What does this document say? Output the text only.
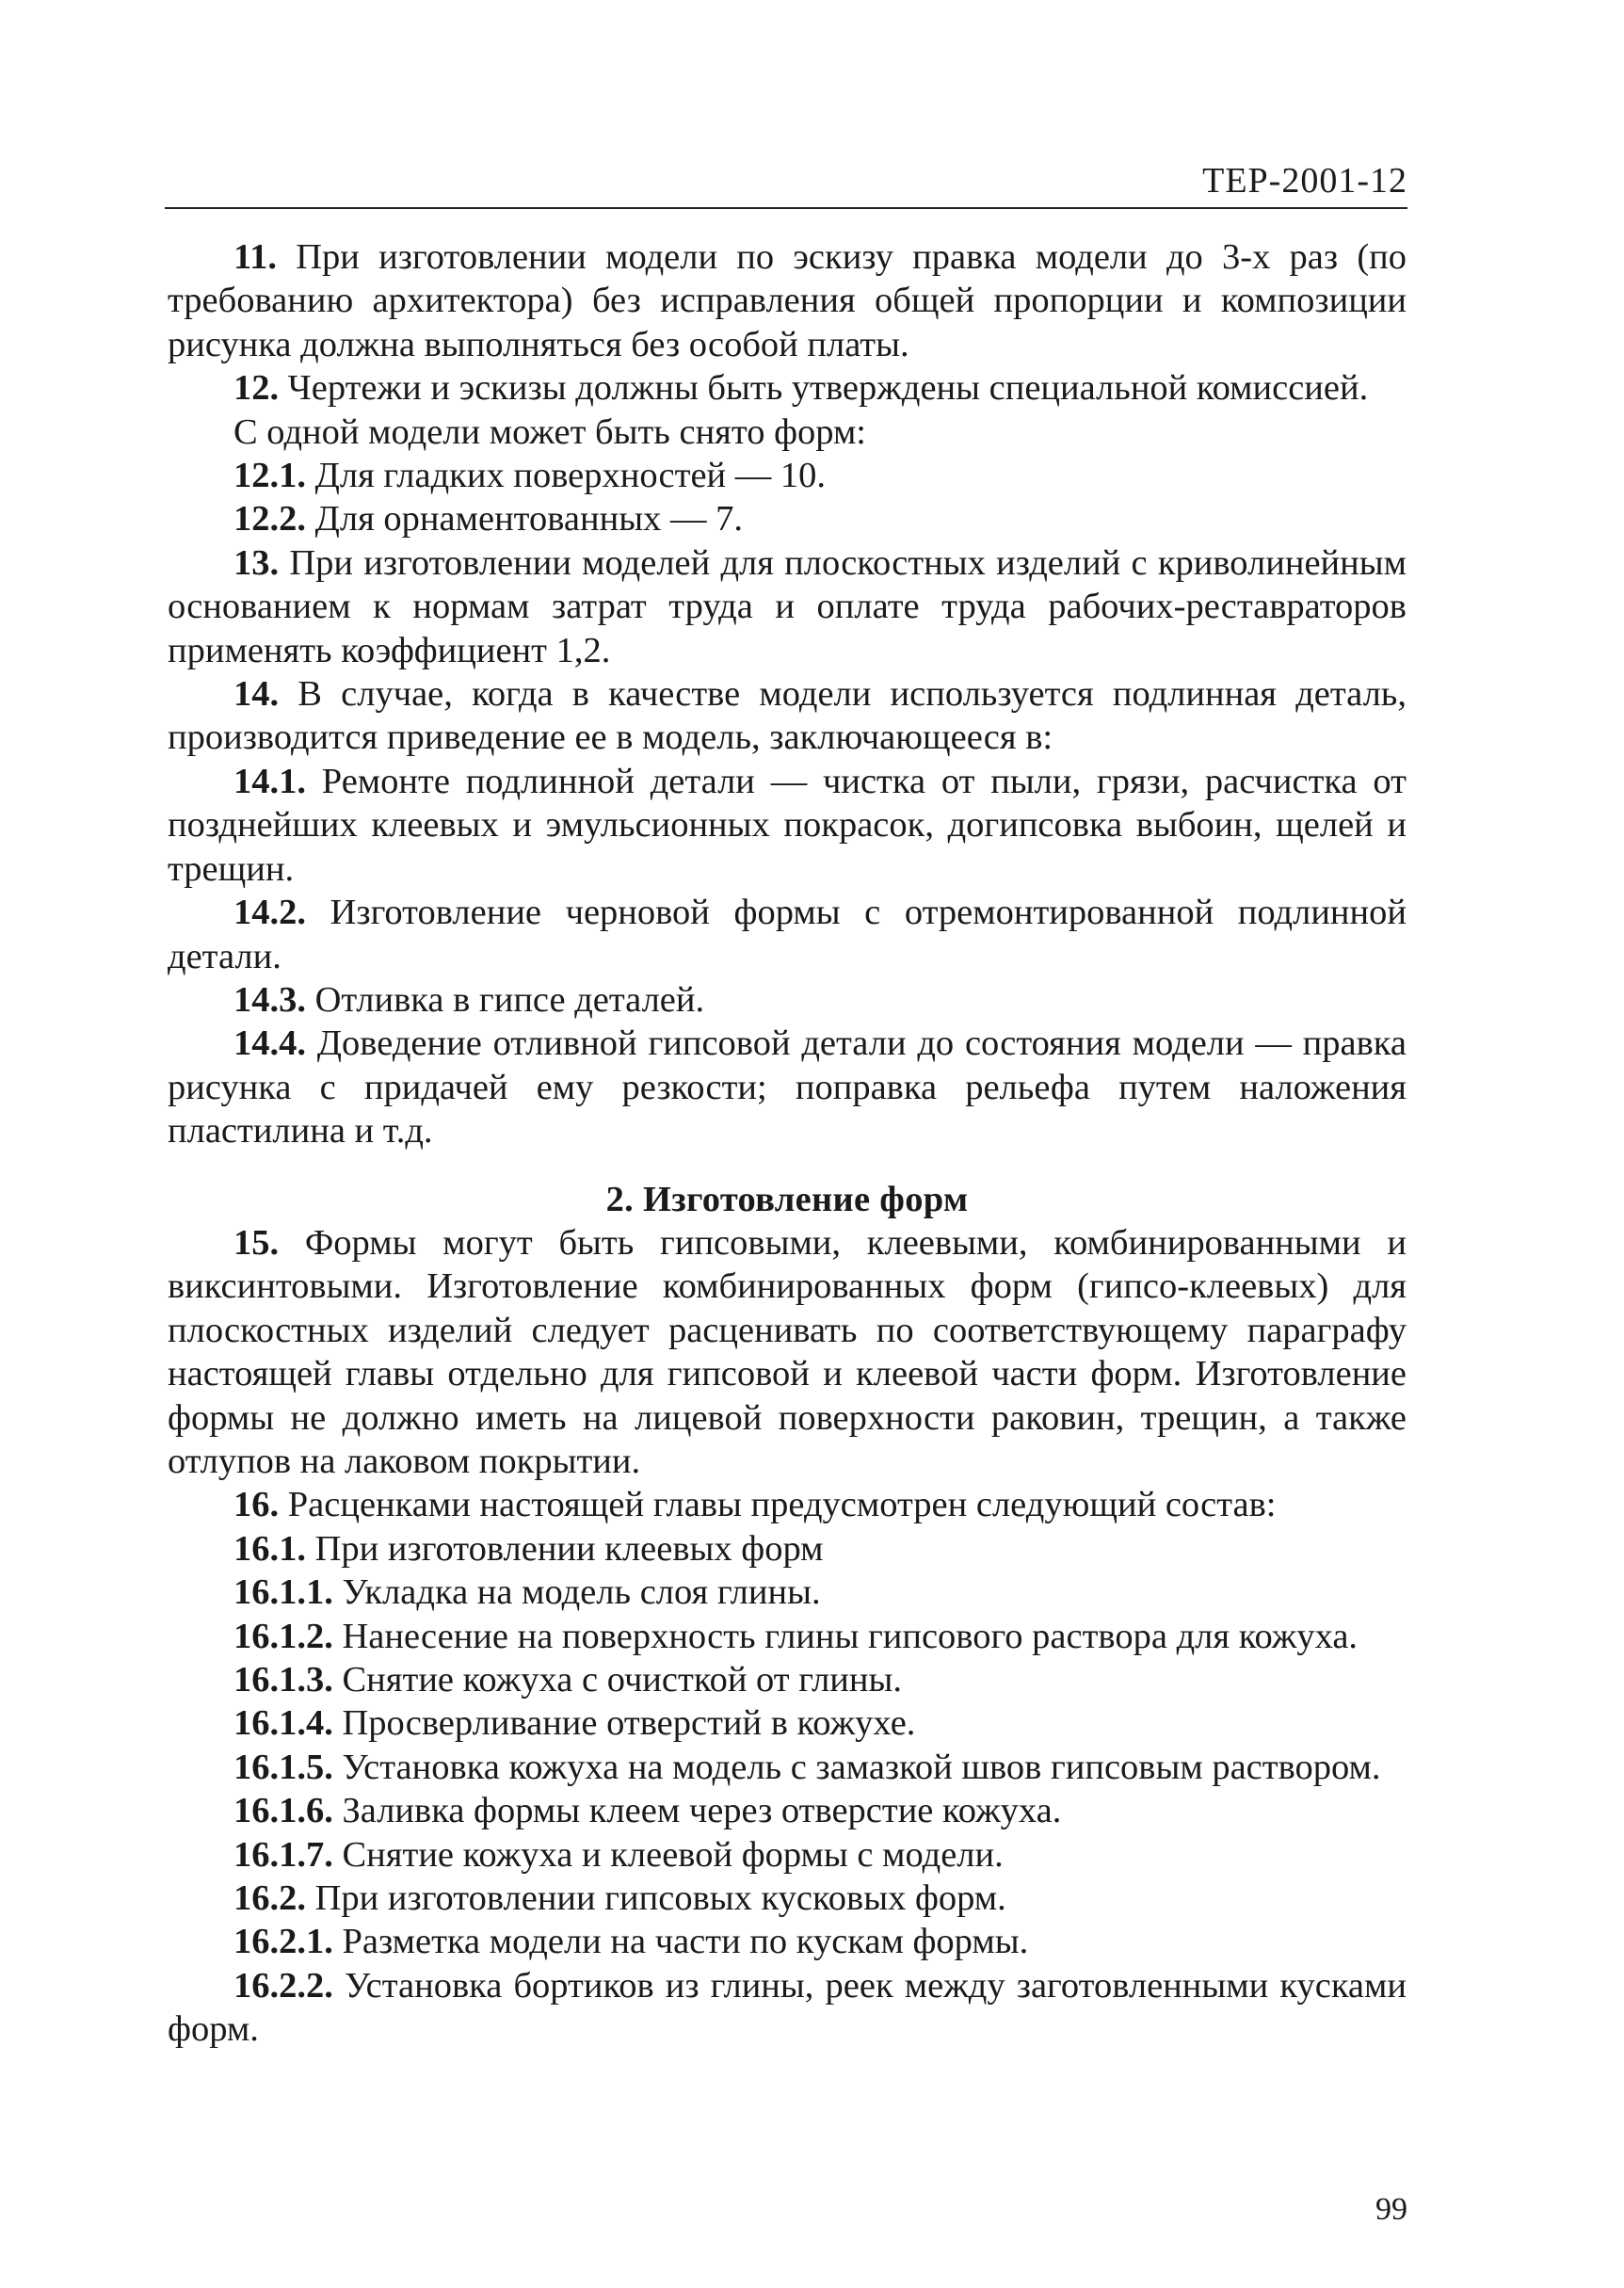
ТЕР-2001-12

11. При изготовлении модели по эскизу правка модели до 3-х раз (по требованию архитектора) без исправления общей пропорции и композиции рисунка должна выполняться без особой платы.

12. Чертежи и эскизы должны быть утверждены специальной комиссией.

С одной модели может быть снято форм:

12.1. Для гладких поверхностей — 10.

12.2. Для орнаментованных — 7.

13. При изготовлении моделей для плоскостных изделий с криволинейным основанием к нормам затрат труда и оплате труда рабочих-реставраторов применять коэффициент 1,2.

14. В случае, когда в качестве модели используется подлинная деталь, производится приведение ее в модель, заключающееся в:

14.1. Ремонте подлинной детали — чистка от пыли, грязи, расчистка от позднейших клеевых и эмульсионных покрасок, догипсовка выбоин, щелей и трещин.

14.2. Изготовление черновой формы с отремонтированной подлинной детали.

14.3. Отливка в гипсе деталей.

14.4. Доведение отливной гипсовой детали до состояния модели — правка рисунка с придачей ему резкости; поправка рельефа путем наложения пластилина и т.д.

2. Изготовление форм

15. Формы могут быть гипсовыми, клеевыми, комбинированными и виксинтовыми. Изготовление комбинированных форм (гипсо-клеевых) для плоскостных изделий следует расценивать по соответствующему параграфу настоящей главы отдельно для гипсовой и клеевой части форм. Изготовление формы не должно иметь на лицевой поверхности раковин, трещин, а также отлупов на лаковом покрытии.

16. Расценками настоящей главы предусмотрен следующий состав:

16.1. При изготовлении клеевых форм

16.1.1. Укладка на модель слоя глины.

16.1.2. Нанесение на поверхность глины гипсового раствора для кожуха.

16.1.3. Снятие кожуха с очисткой от глины.

16.1.4. Просверливание отверстий в кожухе.

16.1.5. Установка кожуха на модель с замазкой швов гипсовым раствором.

16.1.6. Заливка формы клеем через отверстие кожуха.

16.1.7. Снятие кожуха и клеевой формы с модели.

16.2. При изготовлении гипсовых кусковых форм.

16.2.1. Разметка модели на части по кускам формы.

16.2.2. Установка бортиков из глины, реек между заготовленными кусками форм.

99
